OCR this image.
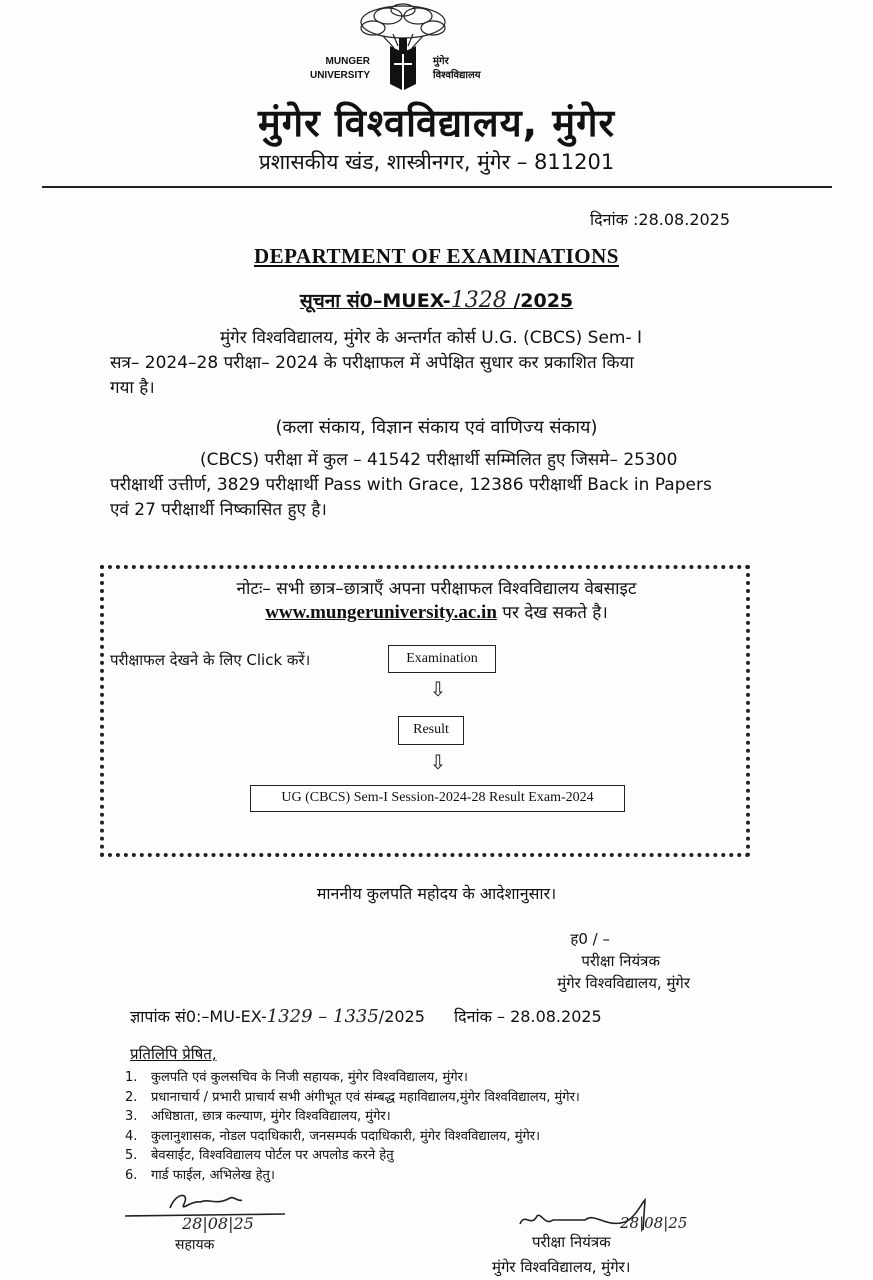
MUNGER
UNIVERSITY
मुंगेर
विश्वविद्यालय
मुंगेर विश्वविद्यालय, मुंगेर
प्रशासकीय खंड, शास्त्रीनगर, मुंगेर – 811201
दिनांक :28.08.2025
DEPARTMENT OF EXAMINATIONS
सूचना सं0–MUEX-1328 /2025
मुंगेर विश्वविद्यालय, मुंगेर के अन्तर्गत कोर्स U.G. (CBCS) Sem- I
सत्र– 2024–28 परीक्षा– 2024 के परीक्षाफल में अपेक्षित सुधार कर प्रकाशित किया
गया है।
(कला संकाय, विज्ञान संकाय एवं वाणिज्य संकाय)
(CBCS) परीक्षा में कुल – 41542 परीक्षार्थी सम्मिलित हुए जिसमे– 25300
परीक्षार्थी उत्तीर्ण, 3829 परीक्षार्थी Pass with Grace, 12386 परीक्षार्थी Back in Papers
एवं 27 परीक्षार्थी निष्कासित हुए है।
नोटः– सभी छात्र–छात्राएँ अपना परीक्षाफल विश्वविद्यालय वेबसाइट
www.mungeruniversity.ac.in पर देख सकते है।
परीक्षाफल देखने के लिए Click करें।	Examination
⇩
Result
⇩
UG (CBCS) Sem-I Session-2024-28 Result Exam-2024
माननीय कुलपति महोदय के आदेशानुसार।
ह0 / –
परीक्षा नियंत्रक
मुंगेर विश्वविद्यालय, मुंगेर
ज्ञापांक सं0:–MU-EX-1329 – 1335/2025 दिनांक – 28.08.2025
प्रतिलिपि प्रेषित,
1. कुलपति एवं कुलसचिव के निजी सहायक, मुंगेर विश्वविद्यालय, मुंगेर।
2. प्रधानाचार्य / प्रभारी प्राचार्य सभी अंगीभूत एवं संम्बद्ध महाविद्यालय,मुंगेर विश्वविद्यालय, मुंगेर।
3. अधिष्ठाता, छात्र कल्याण, मुंगेर विश्वविद्यालय, मुंगेर।
4. कुलानुशासक, नोडल पदाधिकारी, जनसम्पर्क पदाधिकारी, मुंगेर विश्वविद्यालय, मुंगेर।
5. बेवसाईट, विश्वविद्यालय पोर्टल पर अपलोड करने हेतु
6. गार्ड फाईल, अभिलेख हेतु।
28|08|25
सहायक
28|08|25
परीक्षा नियंत्रक
मुंगेर विश्वविद्यालय, मुंगेर।
